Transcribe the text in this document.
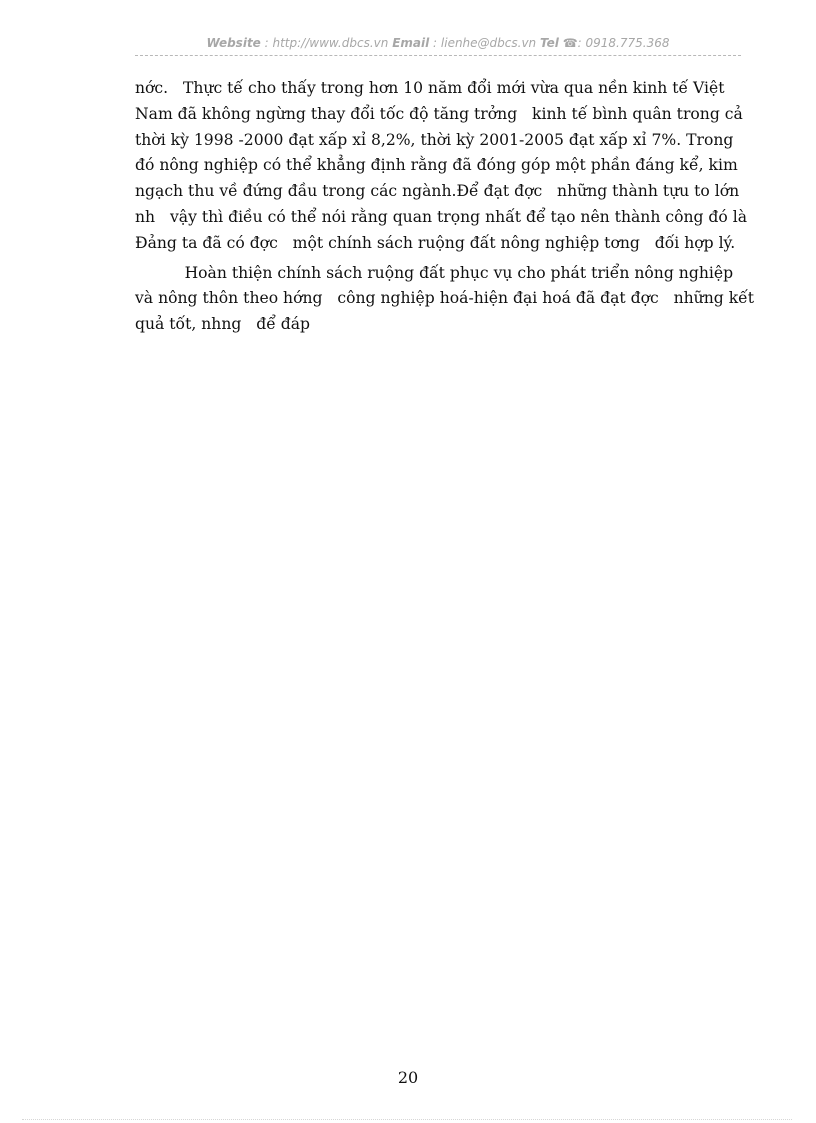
Website : http://www.dbcs.vn Email : lienhe@dbcs.vn Tel ☎: 0918.775.368
nớc.   Thực tế cho thấy trong hơn 10 năm đổi mới vừa qua nền kinh tế Việt
Nam đã không ngừng thay đổi tốc độ tăng trởng   kinh tế bình quân trong cả
thời kỳ 1998 -2000 đạt xấp xỉ 8,2%, thời kỳ 2001-2005 đạt xấp xỉ 7%. Trong
đó nông nghiệp có thể khẳng định rằng đã đóng góp một phần đáng kể, kim
ngạch thu về đứng đầu trong các ngành.Để đạt đợc   những thành tựu to lớn
nh   vậy thì điều có thể nói rằng quan trọng nhất để tạo nên thành công đó là
Đảng ta đã có đợc   một chính sách ruộng đất nông nghiệp tơng   đối hợp lý.
Hoàn thiện chính sách ruộng đất phục vụ cho phát triển nông nghiệp
và nông thôn theo hớng   công nghiệp hoá-hiện đại hoá đã đạt đợc   những kết
quả tốt, nhng   để đáp
20
